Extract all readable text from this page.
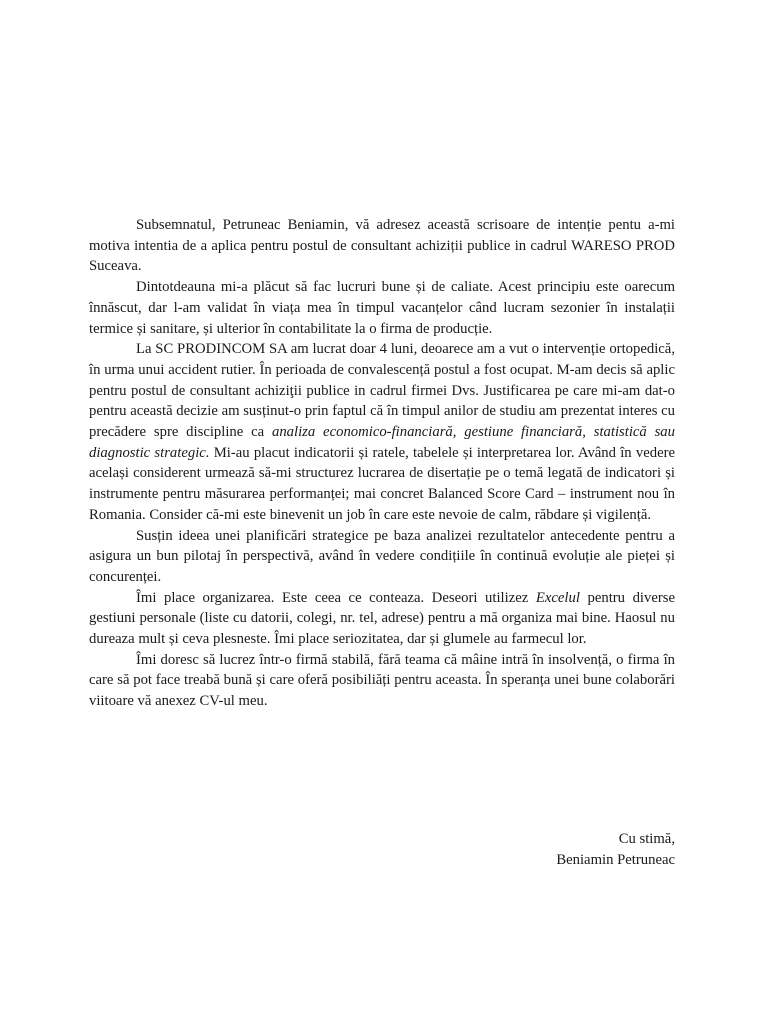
Subsemnatul, Petruneac Beniamin, vă adresez această scrisoare de intenție pentu a-mi motiva intentia de a aplica pentru postul de consultant achiziții publice in cadrul WARESO PROD Suceava.

Dintotdeauna mi-a plăcut să fac lucruri bune și de caliate. Acest principiu este oarecum înnăscut, dar l-am validat în viața mea în timpul vacanțelor când lucram sezonier în instalații termice și sanitare, și ulterior în contabilitate la o firma de producție.

La SC PRODINCOM SA am lucrat doar 4 luni, deoarece am a vut o intervenție ortopedică, în urma unui accident rutier. În perioada de convalescență postul a fost ocupat. M-am decis să aplic pentru postul de consultant achiziţii publice in cadrul firmei Dvs. Justificarea pe care mi-am dat-o pentru această decizie am susținut-o prin faptul că în timpul anilor de studiu am prezentat interes cu precădere spre discipline ca analiza economico-financiară, gestiune financiară, statistică sau diagnostic strategic. Mi-au placut indicatorii și ratele, tabelele și interpretarea lor. Având în vedere același considerent urmează să-mi structurez lucrarea de disertație pe o temă legată de indicatori și instrumente pentru măsurarea performanței; mai concret Balanced Score Card – instrument nou în Romania. Consider că-mi este binevenit un job în care este nevoie de calm, răbdare și vigilență.

Susțin ideea unei planificări strategice pe baza analizei rezultatelor antecedente pentru a asigura un bun pilotaj în perspectivă, având în vedere condițiile în continuă evoluție ale pieței și concurenței.

Îmi place organizarea. Este ceea ce conteaza. Deseori utilizez Excelul pentru diverse gestiuni personale (liste cu datorii, colegi, nr. tel, adrese) pentru a mă organiza mai bine. Haosul nu dureaza mult și ceva plesneste. Îmi place seriozitatea, dar și glumele au farmecul lor.

Îmi doresc să lucrez într-o firmă stabilă, fără teama că mâine intră în insolvență, o firma în care să pot face treabă bună și care oferă posibiliăți pentru aceasta. În speranța unei bune colaborări viitoare vă anexez CV-ul meu.

Cu stimă,
Beniamin Petruneac
